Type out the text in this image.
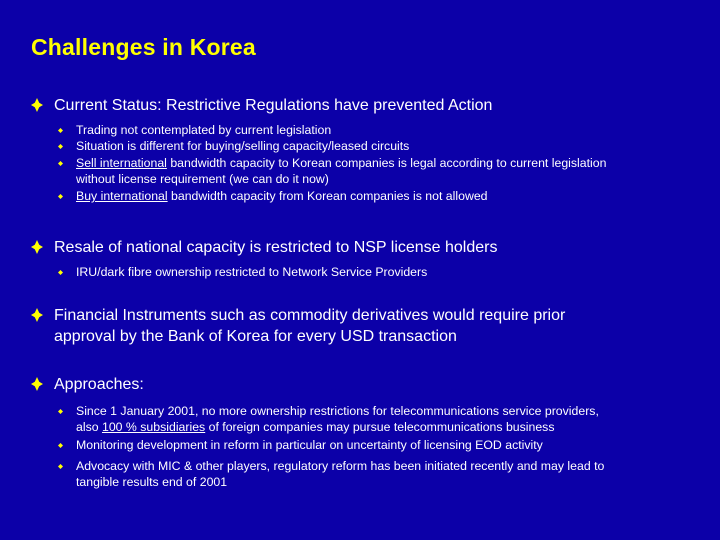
Challenges in Korea
Current Status: Restrictive Regulations have prevented Action
Trading not contemplated by current legislation
Situation is different for buying/selling capacity/leased circuits
Sell international bandwidth capacity to Korean companies is legal according to current legislation
without license requirement (we can do it now)
Buy international bandwidth capacity from Korean companies is not allowed
Resale of national capacity is restricted to NSP license holders
IRU/dark fibre ownership restricted to Network Service Providers
Financial Instruments such as commodity derivatives would require prior
approval by the Bank of Korea for every USD transaction
Approaches:
Since 1 January 2001, no more ownership restrictions for telecommunications service providers,
also 100 % subsidiaries of foreign companies may pursue telecommunications business
Monitoring development in reform in particular on uncertainty of licensing EOD activity
Advocacy with MIC & other players, regulatory reform has been initiated recently and may lead to
tangible results end of 2001
